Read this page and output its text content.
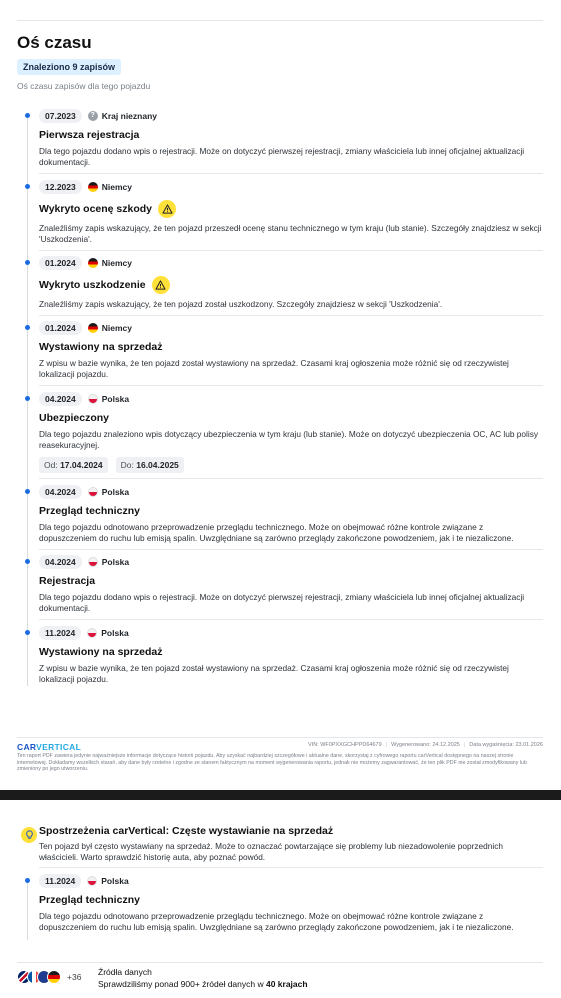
Oś czasu
Znaleziono 9 zapisów
Oś czasu zapisów dla tego pojazdu
07.2023	? Kraj nieznany
Pierwsza rejestracja
Dla tego pojazdu dodano wpis o rejestracji. Może on dotyczyć pierwszej rejestracji, zmiany właściciela lub innej oficjalnej aktualizacji dokumentacji.
12.2023	Niemcy
Wykryto ocenę szkody
Znaleźliśmy zapis wskazujący, że ten pojazd przeszedł ocenę stanu technicznego w tym kraju (lub stanie). Szczegóły znajdziesz w sekcji 'Uszkodzenia'.
01.2024	Niemcy
Wykryto uszkodzenie
Znaleźliśmy zapis wskazujący, że ten pojazd został uszkodzony. Szczegóły znajdziesz w sekcji 'Uszkodzenia'.
01.2024	Niemcy
Wystawiony na sprzedaż
Z wpisu w bazie wynika, że ten pojazd został wystawiony na sprzedaż. Czasami kraj ogłoszenia może różnić się od rzeczywistej lokalizacji pojazdu.
04.2024	Polska
Ubezpieczony
Dla tego pojazdu znaleziono wpis dotyczący ubezpieczenia w tym kraju (lub stanie). Może on dotyczyć ubezpieczenia OC, AC lub polisy reasekuracyjnej.
Od: 17.04.2024	Do: 16.04.2025
04.2024	Polska
Przegląd techniczny
Dla tego pojazdu odnotowano przeprowadzenie przeglądu technicznego. Może on obejmować różne kontrole związane z dopuszczeniem do ruchu lub emisją spalin. Uwzględniane są zarówno przeglądy zakończone powodzeniem, jak i te niezaliczone.
04.2024	Polska
Rejestracja
Dla tego pojazdu dodano wpis o rejestracji. Może on dotyczyć pierwszej rejestracji, zmiany właściciela lub innej oficjalnej aktualizacji dokumentacji.
11.2024	Polska
Wystawiony na sprzedaż
Z wpisu w bazie wynika, że ten pojazd został wystawiony na sprzedaż. Czasami kraj ogłoszenia może różnić się od rzeczywistej lokalizacji pojazdu.
CARVERTICAL	VIN: WF0PXXGCHPPD64679 | Wygenerowano: 24.12.2025 | Data wygaśnięcia: 23.01.2026
Ten raport PDF zawiera jedynie najważniejsze informacje dotyczące historii pojazdu. Aby uzyskać najbardziej szczegółowe i aktualne dane, skorzystaj z cyfrowego raportu carVertical dostępnego na naszej stronie internetowej. Dokładamy wszelkich starań, aby dane były rzetelne i zgodne ze stanem faktycznym na moment wygenerowania raportu, jednak nie możemy zagwarantować, że ten plik PDF nie został zmodyfikowany lub zmieniony po jego utworzeniu.
Spostrzeżenia carVertical: Częste wystawianie na sprzedaż
Ten pojazd był często wystawiany na sprzedaż. Może to oznaczać powtarzające się problemy lub niezadowolenie poprzednich właścicieli. Warto sprawdzić historię auta, aby poznać powód.
11.2024	Polska
Przegląd techniczny
Dla tego pojazdu odnotowano przeprowadzenie przeglądu technicznego. Może on obejmować różne kontrole związane z dopuszczeniem do ruchu lub emisją spalin. Uwzględniane są zarówno przeglądy zakończone powodzeniem, jak i te niezaliczone.
+36 Źródła danych
Sprawdziliśmy ponad 900+ źródeł danych w 40 krajach
